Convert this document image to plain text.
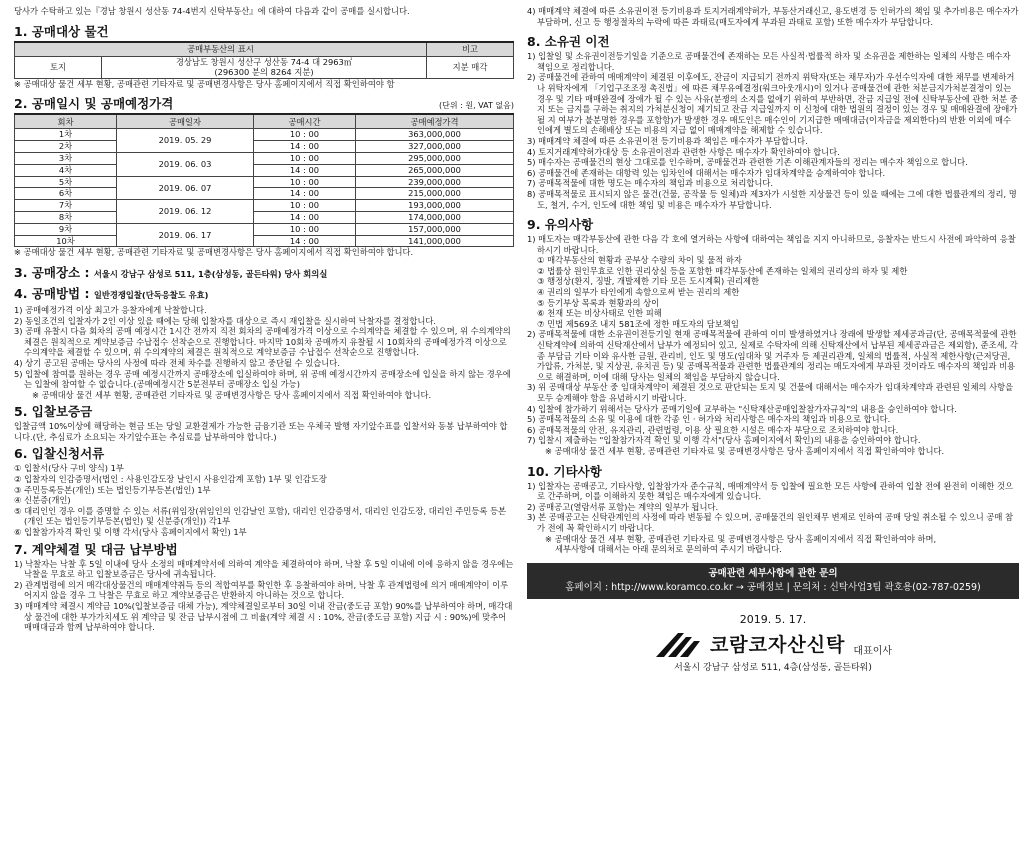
당사가 수탁하고 있는『경남 창원시 성산동 74-4번지 신탁부동산』에 대하여 다음과 같이 공매를 실시합니다.

1. 공매대상 물건
공매부동산의 표시		비고
토지	경상남도 창원시 성산구 성산동 74-4 대 2963㎡
(296300 분의 8264 지분)	지분 매각

※ 공매대상 물건 세부 현황, 공매관련 기타자료 및 공매변경사항은 당사 홈페이지에서 직접 확인하여야 함

2. 공매일시 및 공매예정가격	(단위 : 원, VAT 없음)
회차	공매일자	공매시간	공매예정가격
1차	2019. 05. 29	10 : 00	363,000,000
2차		14 : 00	327,000,000
3차	2019. 06. 03	10 : 00	295,000,000
4차		14 : 00	265,000,000
5차	2019. 06. 07	10 : 00	239,000,000
6차		14 : 00	215,000,000
7차	2019. 06. 12	10 : 00	193,000,000
8차		14 : 00	174,000,000
9차	2019. 06. 17	10 : 00	157,000,000
10차		14 : 00	141,000,000

※ 공매대상 물건 세부 현황, 공매관련 기타자료 및 공매변경사항은 당사 홈페이지에서 직접 확인하여야 합니다.

3. 공매장소 : 서울시 강남구 삼성로 511, 1층(삼성동, 골든타워) 당사 회의실
4. 공매방법 : 일반경쟁입찰(단독응찰도 유효)

1) 공매예정가격 이상 최고가 응찰자에게 낙찰합니다.

2) 동일조건의 입찰자가 2인 이상 있을 때에는 당해 입찰자를 대상으로 즉시 재입찰을 실시하여 낙찰자를 결정합니다.

3) 공매 유찰시 다음 회차의 공매 예정시간 1시간 전까지 직전 회차의 공매예정가격 이상으로 수의계약을 체결할 수 있으며, 위 수의계약의 체결은 원칙적으로 계약보증금 수납접수 선착순으로 진행합니다. 마지막 10회차 공매까지 유찰될 시 10회차의 공매예정가격 이상으로 수의계약을 체결할 수 있으며, 위 수의계약의 체결은 원칙적으로 계약보증금 수납접수 선착순으로 진행합니다.

4) 상기 공고된 공매는 당사의 사정에 따라 전체 차수를 진행하지 않고 중단될 수 있습니다.

5) 입찰에 참여를 원하는 경우 공매 예정시간까지 공매장소에 입실하여야 하며, 위 공매 예정시간까지 공매장소에 입실을 하지 않는 경우에는 입찰에 참여할 수 없습니다.(공매예정시간 5분전부터 공매장소 입실 가능)

※ 공매대상 물건 세부 현황, 공매관련 기타자료 및 공매변경사항은 당사 홈페이지에서 직접 확인하여야 합니다.

5. 입찰보증금

입찰금액 10%이상에 해당하는 현금 또는 당일 교환결제가 가능한 금융기관 또는 우체국 발행 자기앞수표를 입찰서와 동봉 납부하여야 합니다.(단, 추심료가 소요되는 자기앞수표는 추심료를 납부하여야 합니다.)

6. 입찰신청서류

① 입찰서(당사 구비 양식) 1부

② 입찰자의 인감증명서(법인 : 사용인감도장 날인시 사용인감계 포함) 1부 및 인감도장

③ 주민등록등본(개인) 또는 법인등기부등본(법인) 1부

④ 신분증(개인)

⑤ 대리인인 경우 이를 증명할 수 있는 서류(위임장(위임인의 인감날인 포함), 대리인 인감증명서, 대리인 인감도장, 대리인 주민등록 등본(개인 또는 법인등기부등본(법인) 및 신분증(개인)) 각1부

⑥ 입찰참가자격 확인 및 이행 각서(당사 홈페이지에서 확인) 1부

7. 계약체결 및 대금 납부방법

1) 낙찰자는 낙찰 후 5일 이내에 당사 소정의 매매계약서에 의하여 계약을 체결하여야 하며, 낙찰 후 5일 이내에 이에 응하지 않을 경우에는 낙찰을 무효로 하고 입찰보증금은 당사에 귀속됩니다.

2) 관계법령에 의거 매각대상물건의 매매계약취득 등의 적합여부를 확인한 후 응찰하여야 하며, 낙찰 후 관계법령에 의거 매매계약이 이루어지지 않을 경우 그 낙찰은 무효로 하고 계약보증금은 반환하지 아니하는 것으로 합니다.

3) 매매계약 체결시 계약금 10%(입찰보증금 대체 가능), 계약체결일로부터 30일 이내 잔금(중도금 포함) 90%를 납부하여야 하며, 매각대상 물건에 대한 부가가치세도 위 계약금 및 잔금 납부시점에 그 비율(계약 체결 시 : 10%, 잔금(중도금 포함) 지급 시 : 90%)에 맞추어 매매대금과 함께 납부하여야 합니다.

4) 매매계약 체결에 따른 소유권이전 등기비용과 토지거래계약허가, 부동산거래신고, 용도변경 등 인허가의 책임 및 추가비용은 매수자가 부담하며, 신고 등 행정절차의 누락에 따른 과태료(매도자에게 부과된 과태료 포함) 또한 매수자가 부담합니다.

8. 소유권 이전

1) 입찰일 및 소유권이전등기일을 기준으로 공매물건에 존재하는 모든 사실적·법률적 하자 및 소유권을 제한하는 일체의 사항은 매수자 책임으로 정리합니다.

2) 공매물건에 관하여 매매계약이 체결된 이후에도, 잔금이 지급되기 전까지 위탁자(또는 채무자)가 우선수익자에 대한 채무를 변제하거나 위탁자에게 「기업구조조정 촉진법」에 따른 채무유예결정(워크아웃개시)이 있거나 공매물건에 관한 처분금지가처분결정이 있는 경우 및 기타 매매완결에 장애가 될 수 있는 사유(분쟁의 소지를 없애기 위하여 부반하면, 잔금 지급일 전에 신탁부동산에 관한 처분 중지 또는 금지를 구하는 취지의 가처분신청이 제기되고 잔금 지급일까지 이 신청에 대한 법원의 결정이 있는 경우 및 매매완결에 장애가 될 지 여부가 불분명한 경우를 포함함)가 발생한 경우 매도인은 매수인이 기지급한 매매대금(이자금을 제외한다)의 반환 이외에 매수인에게 별도의 손해배상 또는 비용의 지급 없이 매매계약을 해제할 수 있습니다.

3) 매매계약 체결에 따른 소유권이전 등기비용과 책임은 매수자가 부담합니다.

4) 토지거래계약허가대상 등 소유권이전과 관련한 사항은 매수자가 확인하여야 합니다.

5) 매수자는 공매물건의 현상 그대로를 인수하며, 공매물건과 관련한 기존 이해관계자들의 정리는 매수자 책임으로 합니다.

6) 공매물건에 존재하는 대항력 있는 임차인에 대해서는 매수자가 임대차계약을 승계하여야 합니다.

7) 공매목적물에 대한 명도는 매수자의 책임과 비용으로 처리합니다.

8) 공매목적물로 표시되지 않은 물건(건물, 공작물 등 일체)과 제3자가 시설한 지상물건 등이 있을 때에는 그에 대한 법률관계의 정리, 명도, 철거, 수거, 인도에 대한 책임 및 비용은 매수자가 부담합니다.

9. 유의사항

1) 매도자는 매각부동산에 관한 다음 각 호에 열거하는 사항에 대하여는 책임을 지지 아니하므로, 응찰자는 반드시 사전에 파악하여 응찰하시기 바랍니다.

① 매각부동산의 현황과 공부상 수량의 차이 및 물적 하자

② 법률상 원인무효로 인한 권리상실 등을 포함한 매각부동산에 존재하는 일체의 권리상의 하자 및 제한

③ 행정상(환지, 징발, 개발제한 기타 모든 도시계획) 권리제한

④ 권리의 일부가 타인에게 속함으로써 받는 권리의 제한

⑤ 등기부상 목록과 현황과의 상이

⑥ 천재 또는 비상사태로 인한 피해

⑦ 민법 제569조 내지 581조에 정한 매도자의 담보책임

2) 공매목적물에 대한 소유권이전등기일 현재 공매목적물에 관하여 이미 발생하였거나 장래에 발생할 제세공과금(단, 공매목적물에 관한 신탁계약에 의하여 신탁재산에서 납부가 예정되어 있고, 실제로 수탁자에 의해 신탁재산에서 납부된 제세공과금은 제외함), 준조세, 각종 부담금 기타 이와 유사한 금원, 관리비, 인도 및 명도(임대차 및 거주자 등 제권리관계, 일체의 법률적, 사실적 제한사항(근저당권, 가압류, 가처분, 및 지상권, 유치권 등) 및 공매목적물과 관련한 법률관계의 정리는 매도자에게 부과된 것이라도 매수자의 책임과 비용으로 해결하며, 이에 대해 당사는 일체의 책임을 부담하지 않습니다.

3) 위 공매대상 부동산 중 임대차계약이 체결된 것으로 판단되는 토지 및 건물에 대해서는 매수자가 임대차계약과 관련된 일체의 사항을 모두 승계해야 함을 유념하시기 바랍니다.

4) 입찰에 참가하기 위해서는 당사가 공매기일에 교부하는 "신탁재산공매입찰참가자규칙"의 내용을 승인하여야 합니다.

5) 공매목적물의 소유 및 이용에 대한 각종 인 · 허가와 처리사항은 매수자의 책임과 비용으로 합니다.

6) 공매목적물의 안전, 유지관리, 관련법령, 이용 상 필요한 시설은 매수자 부담으로 조치하여야 합니다.

7) 입찰시 제출하는 "입찰참가자격 확인 및 이행 각서"(당사 홈페이지에서 확인)의 내용을 승인하여야 합니다.

※ 공매대상 물건 세부 현황, 공매관련 기타자료 및 공매변경사항은 당사 홈페이지에서 직접 확인하여야 합니다.

10. 기타사항

1) 입찰자는 공매공고, 기타사항, 입찰참가자 준수규칙, 매매계약서 등 입찰에 필요한 모든 사항에 관하여 입찰 전에 완전히 이해한 것으로 간주하며, 이를 이해하지 못한 책임은 매수자에게 있습니다.

2) 공매공고(열람서류 포함)는 계약의 일부가 됩니다.

3) 본 공매공고는 신탁관계인의 사정에 따라 변동될 수 있으며, 공매물건의 원인채무 변제로 인하여 공매 당일 취소될 수 있으니 공매 참가 전에 꼭 확인하시기 바랍니다.

※ 공매대상 물건 세부 현황, 공매관련 기타자료 및 공매변경사항은 당사 홈페이지에서 직접 확인하여야 하며,

세부사항에 대해서는 아래 문의처로 문의하여 주시기 바랍니다.

공매관련 세부사항에 관한 문의
홈페이지 : http://www.koramco.co.kr → 공매정보 | 문의처 : 신탁사업3팀 곽호용(02-787-0259)
2019. 5. 17.
코람코자산신탁 대표이사
서울시 강남구 삼성로 511, 4층(삼성동, 골든타워)
